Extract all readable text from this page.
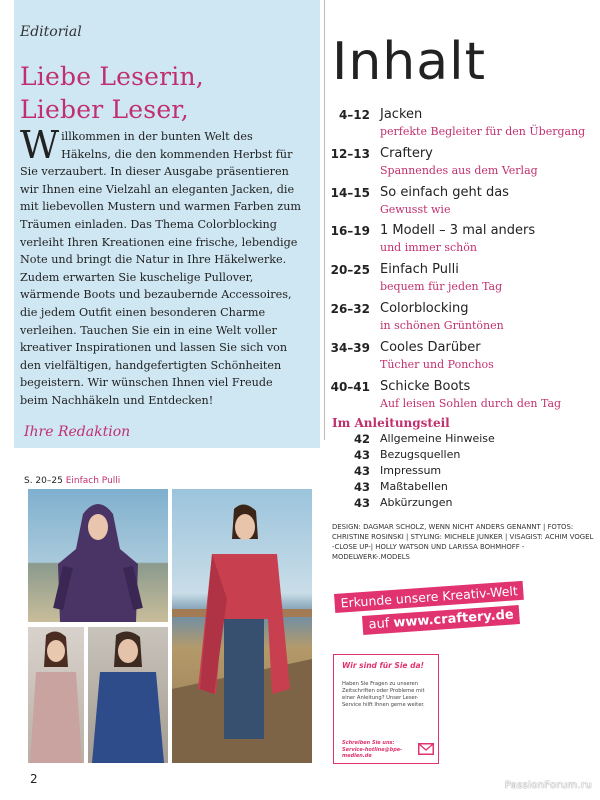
Editorial
Liebe Leserin,
Lieber Leser,
Willkommen in der bunten Welt des Häkelns, die den kommenden Herbst für Sie verzaubert. In dieser Ausgabe präsentieren wir Ihnen eine Vielzahl an eleganten Jacken, die mit liebevollen Mustern und warmen Farben zum Träumen einladen. Das Thema Colorblocking verleiht Ihren Kreationen eine frische, lebendige Note und bringt die Natur in Ihre Häkelwerke. Zudem erwarten Sie kuschelige Pullover, wärmende Boots und bezaubernde Accessoires, die jedem Outfit einen besonderen Charme verleihen. Tauchen Sie ein in eine Welt voller kreativer Inspirationen und lassen Sie sich von den vielfältigen, handgefertigten Schönheiten begeistern. Wir wünschen Ihnen viel Freude beim Nachhäkeln und Entdecken!
Ihre Redaktion
Inhalt
4–12 Jacken
perfekte Begleiter für den Übergang
12–13 Craftery
Spannendes aus dem Verlag
14–15 So einfach geht das
Gewusst wie
16–19 1 Modell – 3 mal anders
und immer schön
20–25 Einfach Pulli
bequem für jeden Tag
26–32 Colorblocking
in schönen Grüntönen
34–39 Cooles Darüber
Tücher und Ponchos
40–41 Schicke Boots
Auf leisen Sohlen durch den Tag
Im Anleitungsteil
42 Allgemeine Hinweise
43 Bezugsquellen
43 Impressum
43 Maßtabellen
43 Abkürzungen
DESIGN: DAGMAR SCHOLZ, WENN NICHT ANDERS GENANNT | FOTOS: CHRISTINE ROSINSKI | STYLING: MICHELE JUNKER | VISAGIST: ACHIM VOGEL -CLOSE UP-| HOLLY WATSON UND LARISSA BOHMHOFF -MODELWERK-.MODELS
Erkunde unsere Kreativ-Welt
auf www.craftery.de
Wir sind für Sie da!
Haben Sie Fragen zu unseren Zeitschriften oder Probleme mit einer Anleitung? Unser Leser-Service hilft Ihnen gerne weiter.
Schreiben Sie uns: Service-hotline@bpe-medien.de
S. 20–25 Einfach Pulli
2	PassionForum.ru
